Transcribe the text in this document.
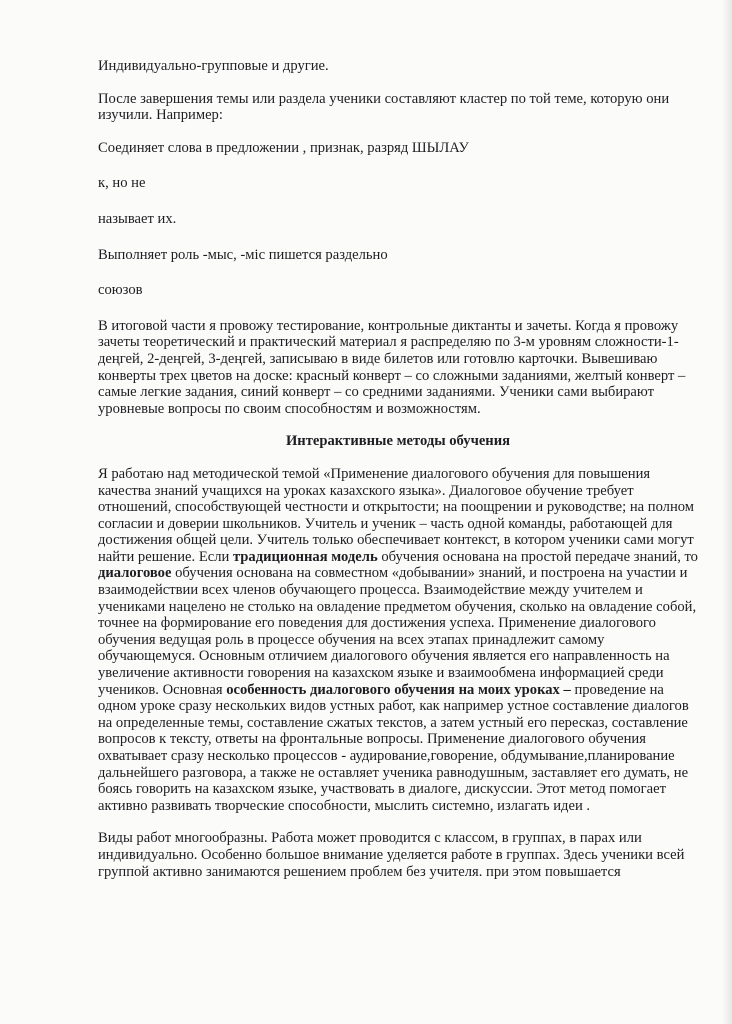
Индивидуально-групповые и другие.

После завершения темы или раздела ученики составляют кластер по той теме, которую они изучили. Например:

Соединяет слова в предложении , признак, разряд ШЫЛАУ

к, но не

называет их.

Выполняет роль -мыс, -міс пишется раздельно

союзов

В итоговой части я провожу тестирование, контрольные диктанты и зачеты. Когда я провожу зачеты теоретический и практический материал я распределяю по 3-м уровням сложности-1-деңгей, 2-деңгей, 3-деңгей, записываю в виде билетов или готовлю карточки. Вывешиваю конверты трех цветов на доске: красный конверт – со сложными заданиями, желтый конверт – самые легкие задания, синий конверт – со средними заданиями. Ученики сами выбирают уровневые вопросы по своим способностям и возможностям.

Интерактивные методы обучения

Я работаю над методической темой «Применение диалогового обучения для повышения качества знаний учащихся на уроках казахского языка». Диалоговое обучение требует отношений, способствующей честности и открытости; на поощрении и руководстве; на полном согласии и доверии школьников. Учитель и ученик – часть одной команды, работающей для достижения общей цели. Учитель только обеспечивает контекст, в котором ученики сами могут найти решение. Если традиционная модель обучения основана на простой передаче знаний, то диалоговое обучения основана на совместном «добывании» знаний, и построена на участии и взаимодействии всех членов обучающего процесса. Взаимодействие между учителем и учениками нацелено не столько на овладение предметом обучения, сколько на овладение собой, точнее на формирование его поведения для достижения успеха. Применение диалогового обучения ведущая роль в процессе обучения на всех этапах принадлежит самому обучающемуся. Основным отличием диалогового обучения является его направленность на увеличение активности говорения на казахском языке и взаимообмена информацией среди учеников. Основная особенность диалогового обучения на моих уроках – проведение на одном уроке сразу нескольких видов устных работ, как например устное составление диалогов на определенные темы, составление сжатых текстов, а затем устный его пересказ, составление вопросов к тексту, ответы на фронтальные вопросы. Применение диалогового обучения охватывает сразу несколько процессов - аудирование,говорение, обдумывание,планирование дальнейшего разговора, а также не оставляет ученика равнодушным, заставляет его думать, не боясь говорить на казахском языке, участвовать в диалоге, дискуссии. Этот метод помогает активно развивать творческие способности, мыслить системно, излагать идеи .

Виды работ многообразны. Работа может проводится с классом, в группах, в парах или индивидуально. Особенно большое внимание уделяется работе в группах. Здесь ученики всей группой активно занимаются решением проблем без учителя. при этом повышается
